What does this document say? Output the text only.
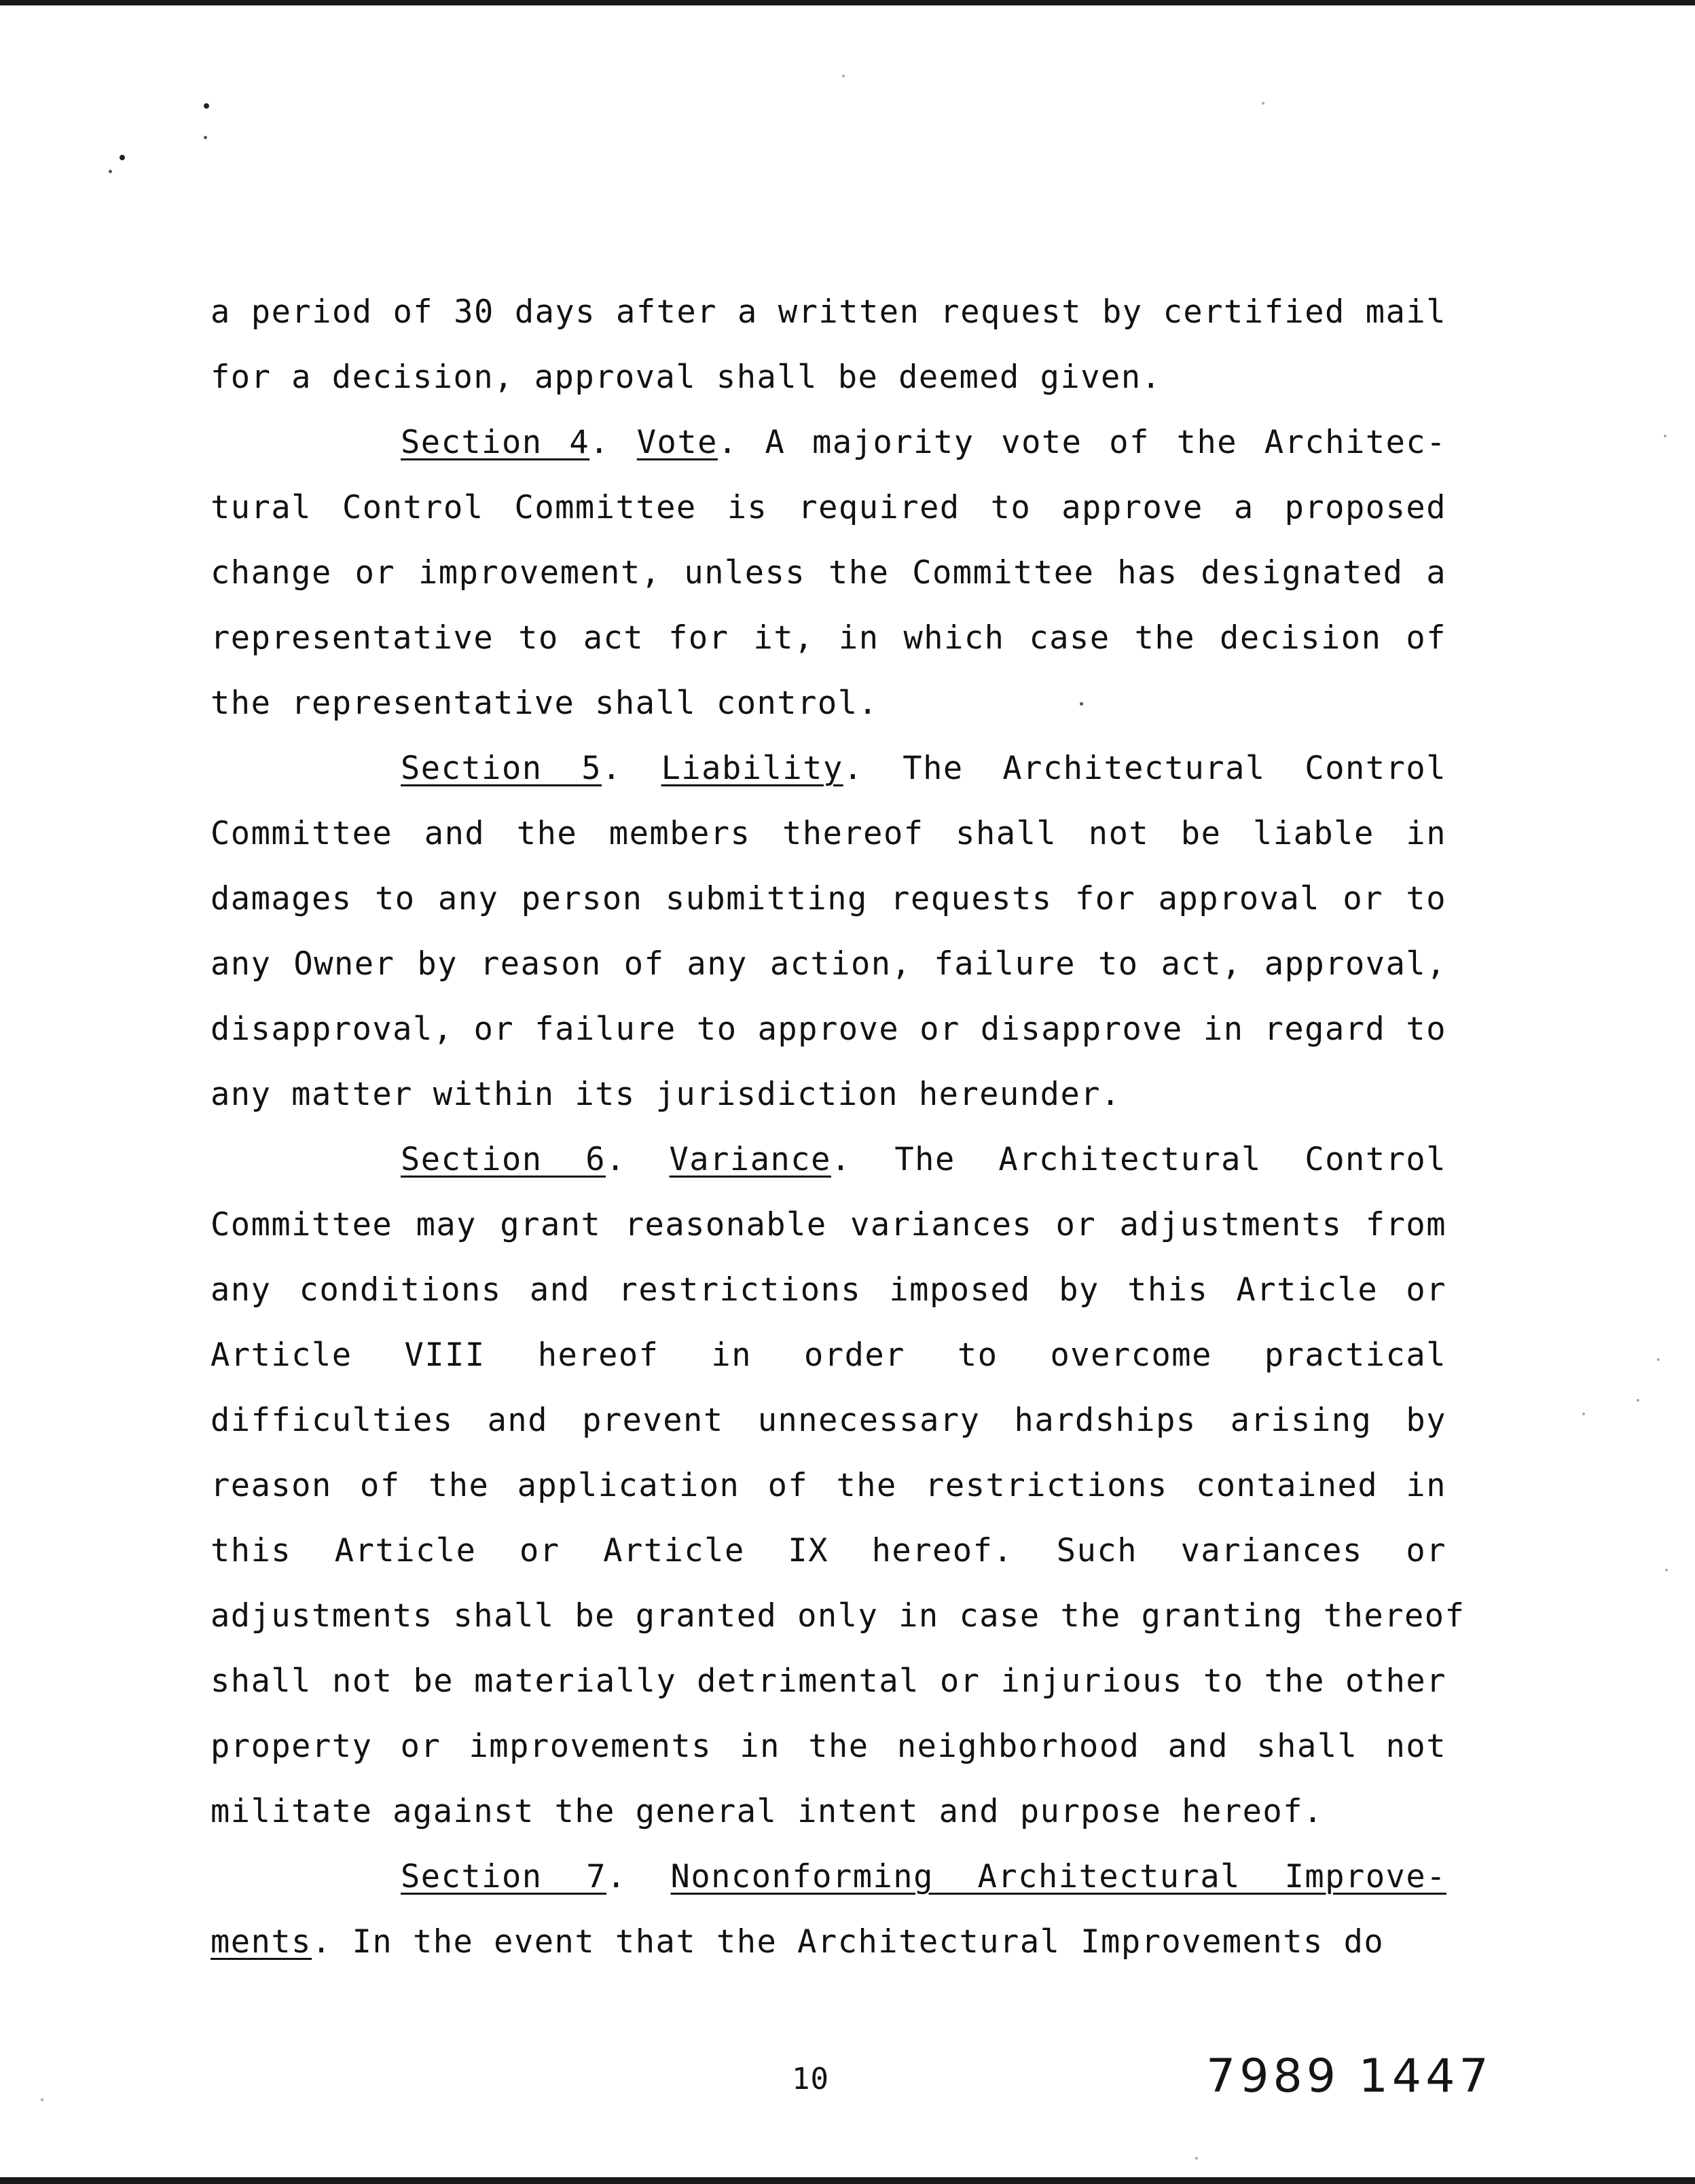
a period of 30 days after a written request by certified mail
for a decision, approval shall be deemed given.
Section 4. Vote. A majority vote of the Architec-
tural Control Committee is required to approve a proposed
change or improvement, unless the Committee has designated a
representative to act for it, in which case the decision of
the representative shall control.
Section 5. Liability. The Architectural Control
Committee and the members thereof shall not be liable in
damages to any person submitting requests for approval or to
any Owner by reason of any action, failure to act, approval,
disapproval, or failure to approve or disapprove in regard to
any matter within its jurisdiction hereunder.
Section 6. Variance. The Architectural Control
Committee may grant reasonable variances or adjustments from
any conditions and restrictions imposed by this Article or
Article VIII hereof in order to overcome practical
difficulties and prevent unnecessary hardships arising by
reason of the application of the restrictions contained in
this Article or Article IX hereof. Such variances or
adjustments shall be granted only in case the granting thereof
shall not be materially detrimental or injurious to the other
property or improvements in the neighborhood and shall not
militate against the general intent and purpose hereof.
Section 7. Nonconforming Architectural Improve-
ments. In the event that the Architectural Improvements do
10	7989 1447
